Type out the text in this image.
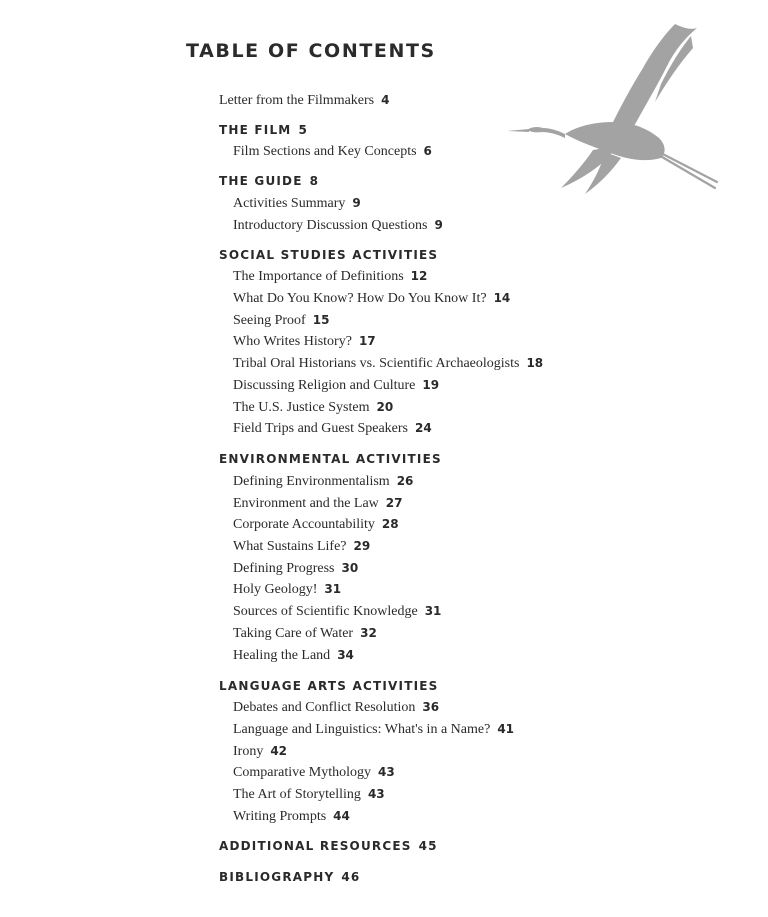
TABLE OF CONTENTS
Letter from the Filmmakers 4
THE FILM 5
Film Sections and Key Concepts 6
THE GUIDE 8
Activities Summary 9
Introductory Discussion Questions 9
SOCIAL STUDIES ACTIVITIES
The Importance of Definitions 12
What Do You Know? How Do You Know It? 14
Seeing Proof 15
Who Writes History? 17
Tribal Oral Historians vs. Scientific Archaeologists 18
Discussing Religion and Culture 19
The U.S. Justice System 20
Field Trips and Guest Speakers 24
ENVIRONMENTAL ACTIVITIES
Defining Environmentalism 26
Environment and the Law 27
Corporate Accountability 28
What Sustains Life? 29
Defining Progress 30
Holy Geology! 31
Sources of Scientific Knowledge 31
Taking Care of Water 32
Healing the Land 34
LANGUAGE ARTS ACTIVITIES
Debates and Conflict Resolution 36
Language and Linguistics: What's in a Name? 41
Irony 42
Comparative Mythology 43
The Art of Storytelling 43
Writing Prompts 44
ADDITIONAL RESOURCES 45
BIBLIOGRAPHY 46
